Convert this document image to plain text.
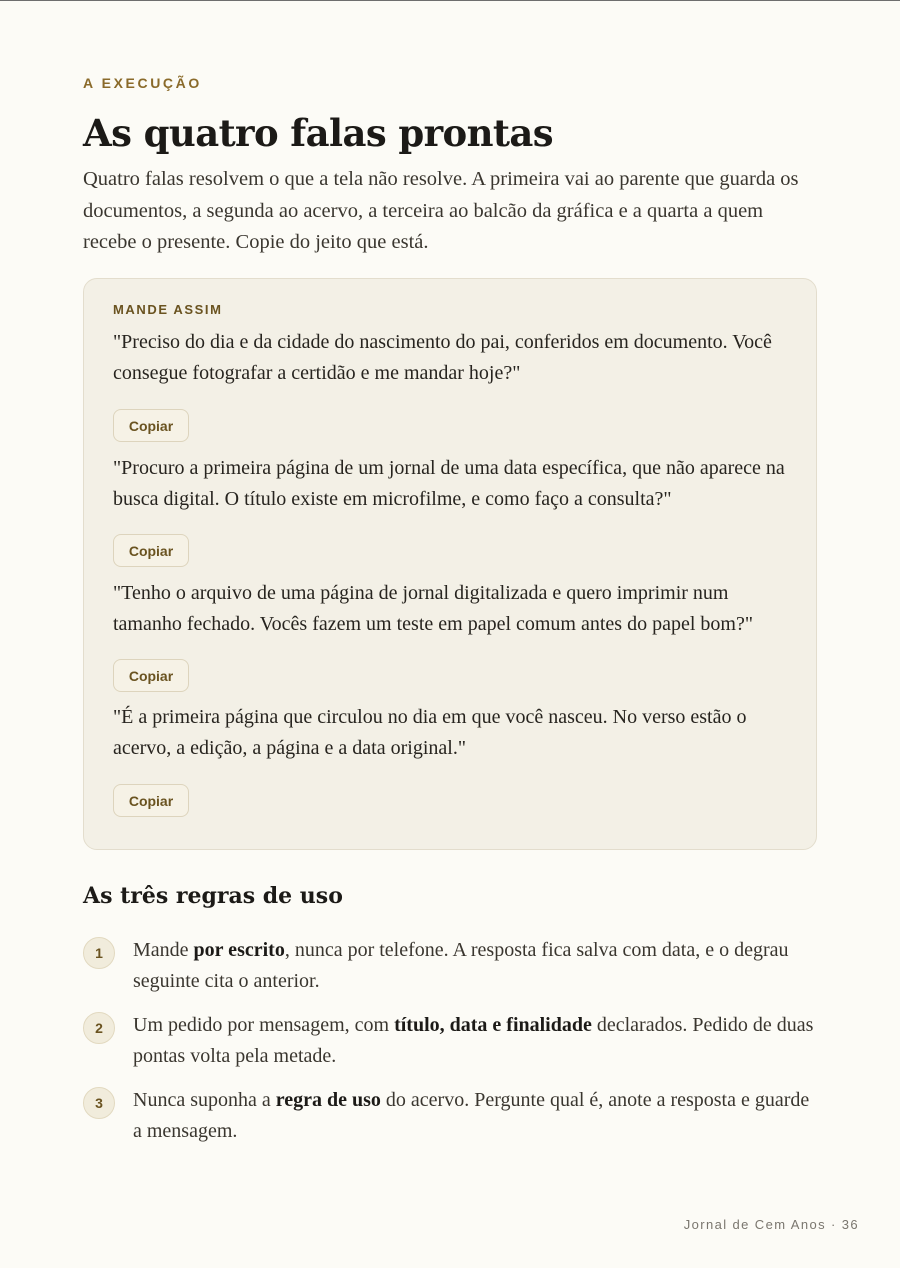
A EXECUÇÃO
As quatro falas prontas

Quatro falas resolvem o que a tela não resolve. A primeira vai ao parente que guarda os documentos, a segunda ao acervo, a terceira ao balcão da gráfica e a quarta a quem recebe o presente. Copie do jeito que está.

MANDE ASSIM

"Preciso do dia e da cidade do nascimento do pai, conferidos em documento. Você consegue fotografar a certidão e me mandar hoje?"

Copiar

"Procuro a primeira página de um jornal de uma data específica, que não aparece na busca digital. O título existe em microfilme, e como faço a consulta?"

Copiar

"Tenho o arquivo de uma página de jornal digitalizada e quero imprimir num tamanho fechado. Vocês fazem um teste em papel comum antes do papel bom?"

Copiar

"É a primeira página que circulou no dia em que você nasceu. No verso estão o acervo, a edição, a página e a data original."

Copiar
As três regras de uso
1	Mande por escrito, nunca por telefone. A resposta fica salva com data, e o degrau seguinte cita o anterior.

2	Um pedido por mensagem, com título, data e finalidade declarados. Pedido de duas pontas volta pela metade.

3	Nunca suponha a regra de uso do acervo. Pergunte qual é, anote a resposta e guarde a mensagem.

Jornal de Cem Anos · 36
